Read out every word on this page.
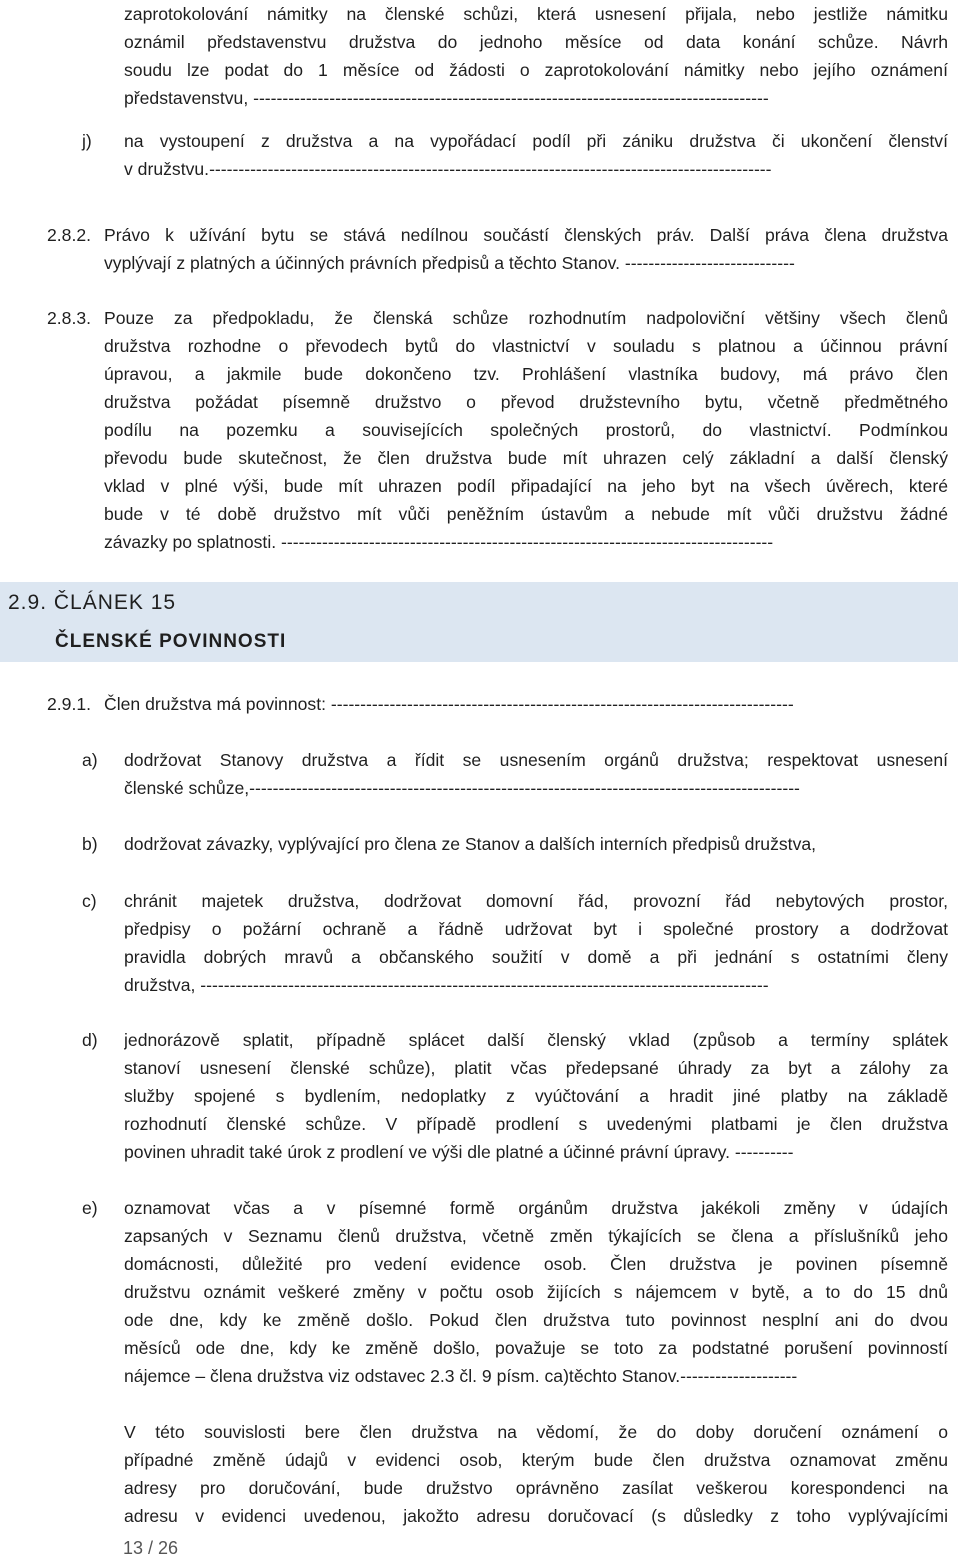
zaprotokolování námitky na členské schůzi, která usnesení přijala, nebo jestliže námitku
oznámil představenstvu družstva do jednoho měsíce od data konání schůze. Návrh
soudu lze podat do 1 měsíce od žádosti o zaprotokolování námitky nebo jejího oznámení
představenstvu, ----------------------------------------------------------------------------------------
j) na vystoupení z družstva a na vypořádací podíl při zániku družstva či ukončení členství
v družstvu.------------------------------------------------------------------------------------------------
2.8.2. Právo k užívání bytu se stává nedílnou součástí členských práv. Další práva člena družstva
vyplývají z platných a účinných právních předpisů a těchto Stanov. -----------------------------
2.8.3. Pouze za předpokladu, že členská schůze rozhodnutím nadpoloviční většiny všech členů
družstva rozhodne o převodech bytů do vlastnictví v souladu s platnou a účinnou právní
úpravou, a jakmile bude dokončeno tzv. Prohlášení vlastníka budovy, má právo člen
družstva požádat písemně družstvo o převod družstevního bytu, včetně předmětného
podílu na pozemku a souvisejících společných prostorů, do vlastnictví. Podmínkou
převodu bude skutečnost, že člen družstva bude mít uhrazen celý základní a další členský
vklad v plné výši, bude mít uhrazen podíl připadající na jeho byt na všech úvěrech, které
bude v té době družstvo mít vůči peněžním ústavům a nebude mít vůči družstvu žádné
závazky po splatnosti. ------------------------------------------------------------------------------------
2.9. ČLÁNEK 15
ČLENSKÉ POVINNOSTI
2.9.1. Člen družstva má povinnost: -------------------------------------------------------------------------------
a) dodržovat Stanovy družstva a řídit se usnesením orgánů družstva; respektovat usnesení
členské schůze,----------------------------------------------------------------------------------------------
b) dodržovat závazky, vyplývající pro člena ze Stanov a dalších interních předpisů družstva,
c) chránit majetek družstva, dodržovat domovní řád, provozní řád nebytových prostor,
předpisy o požární ochraně a řádně udržovat byt i společné prostory a dodržovat
pravidla dobrých mravů a občanského soužití v domě a při jednání s ostatními členy
družstva, -------------------------------------------------------------------------------------------------
d) jednorázově splatit, případně splácet další členský vklad (způsob a termíny splátek
stanoví usnesení členské schůze), platit včas předepsané úhrady za byt a zálohy za
služby spojené s bydlením, nedoplatky z vyúčtování a hradit jiné platby na základě
rozhodnutí členské schůze. V případě prodlení s uvedenými platbami je člen družstva
povinen uhradit také úrok z prodlení ve výši dle platné a účinné právní úpravy. ----------
e) oznamovat včas a v písemné formě orgánům družstva jakékoli změny v údajích
zapsaných v Seznamu členů družstva, včetně změn týkajících se člena a příslušníků jeho
domácnosti, důležité pro vedení evidence osob. Člen družstva je povinen písemně
družstvu oznámit veškeré změny v počtu osob žijících s nájemcem v bytě, a to do 15 dnů
ode dne, kdy ke změně došlo. Pokud člen družstva tuto povinnost nesplní ani do dvou
měsíců ode dne, kdy ke změně došlo, považuje se toto za podstatné porušení povinností
nájemce – člena družstva viz odstavec 2.3 čl. 9 písm. ca)těchto Stanov.--------------------
V této souvislosti bere člen družstva na vědomí, že do doby doručení oznámení o
případné změně údajů v evidenci osob, kterým bude člen družstva oznamovat změnu
adresy pro doručování, bude družstvo oprávněno zasílat veškerou korespondenci na
adresu v evidenci uvedenou, jakožto adresu doručovací (s důsledky z toho vyplývajícími
13 / 26
